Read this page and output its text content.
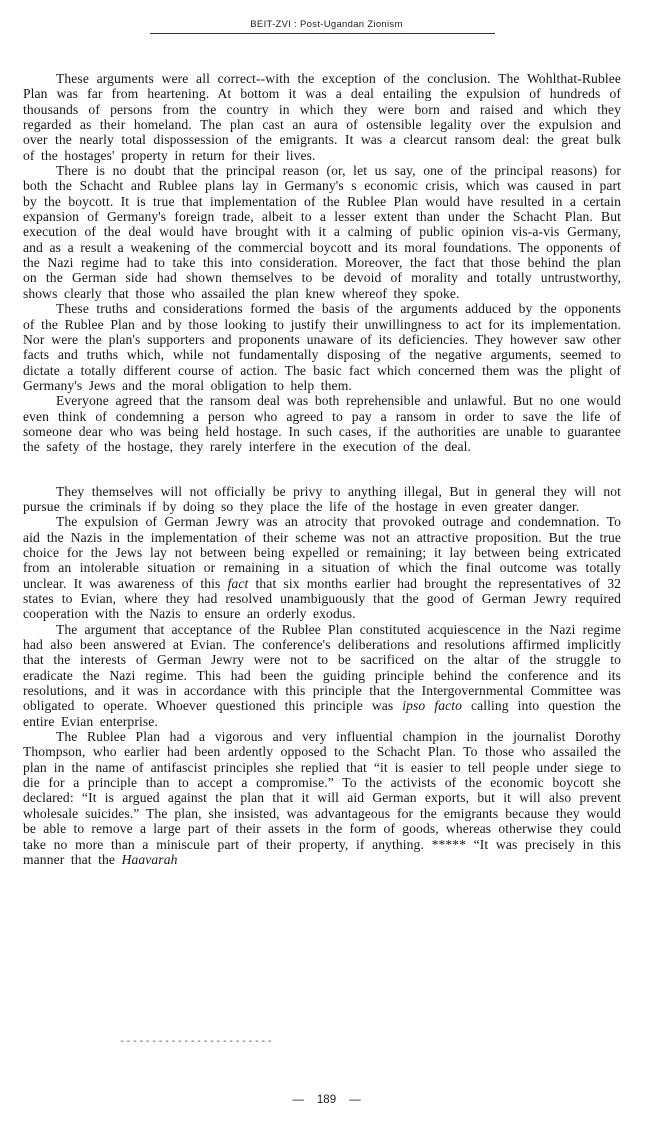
BEIT-ZVI : Post-Ugandan Zionism

These arguments were all correct--with the exception of the conclusion. The Wohlthat-Rublee Plan was far from heartening. At bottom it was a deal entailing the expulsion of hundreds of thousands of persons from the country in which they were born and raised and which they regarded as their homeland. The plan cast an aura of ostensible legality over the expulsion and over the nearly total dispossession of the emigrants. It was a clearcut ransom deal: the great bulk of the hostages' property in return for their lives.

There is no doubt that the principal reason (or, let us say, one of the principal reasons) for both the Schacht and Rublee plans lay in Germany's s economic crisis, which was caused in part by the boycott. It is true that implementation of the Rublee Plan would have resulted in a certain expansion of Germany's foreign trade, albeit to a lesser extent than under the Schacht Plan. But execution of the deal would have brought with it a calming of public opinion vis-a-vis Germany, and as a result a weakening of the commercial boycott and its moral foundations. The opponents of the Nazi regime had to take this into consideration. Moreover, the fact that those behind the plan on the German side had shown themselves to be devoid of morality and totally untrustworthy, shows clearly that those who assailed the plan knew whereof they spoke.

These truths and considerations formed the basis of the arguments adduced by the opponents of the Rublee Plan and by those looking to justify their unwillingness to act for its implementation. Nor were the plan's supporters and proponents unaware of its deficiencies. They however saw other facts and truths which, while not fundamentally disposing of the negative arguments, seemed to dictate a totally different course of action. The basic fact which concerned them was the plight of Germany's Jews and the moral obligation to help them.

Everyone agreed that the ransom deal was both reprehensible and unlawful. But no one would even think of condemning a person who agreed to pay a ransom in order to save the life of someone dear who was being held hostage. In such cases, if the authorities are unable to guarantee the safety of the hostage, they rarely interfere in the execution of the deal.

They themselves will not officially be privy to anything illegal, But in general they will not pursue the criminals if by doing so they place the life of the hostage in even greater danger.

The expulsion of German Jewry was an atrocity that provoked outrage and condemnation. To aid the Nazis in the implementation of their scheme was not an attractive proposition. But the true choice for the Jews lay not between being expelled or remaining; it lay between being extricated from an intolerable situation or remaining in a situation of which the final outcome was totally unclear. It was awareness of this fact that six months earlier had brought the representatives of 32 states to Evian, where they had resolved unambiguously that the good of German Jewry required cooperation with the Nazis to ensure an orderly exodus.

The argument that acceptance of the Rublee Plan constituted acquiescence in the Nazi regime had also been answered at Evian. The conference's deliberations and resolutions affirmed implicitly that the interests of German Jewry were not to be sacrificed on the altar of the struggle to eradicate the Nazi regime. This had been the guiding principle behind the conference and its resolutions, and it was in accordance with this principle that the Intergovernmental Committee was obligated to operate. Whoever questioned this principle was ipso facto calling into question the entire Evian enterprise.

The Rublee Plan had a vigorous and very influential champion in the journalist Dorothy Thompson, who earlier had been ardently opposed to the Schacht Plan. To those who assailed the plan in the name of antifascist principles she replied that “it is easier to tell people under siege to die for a principle than to accept a compromise.” To the activists of the economic boycott she declared: “It is argued against the plan that it will aid German exports, but it will also prevent wholesale suicides.” The plan, she insisted, was advantageous for the emigrants because they would be able to remove a large part of their assets in the form of goods, whereas otherwise they could take no more than a miniscule part of their property, if anything. ***** “It was precisely in this manner that the Haavarah

------------------------
— 189 —
